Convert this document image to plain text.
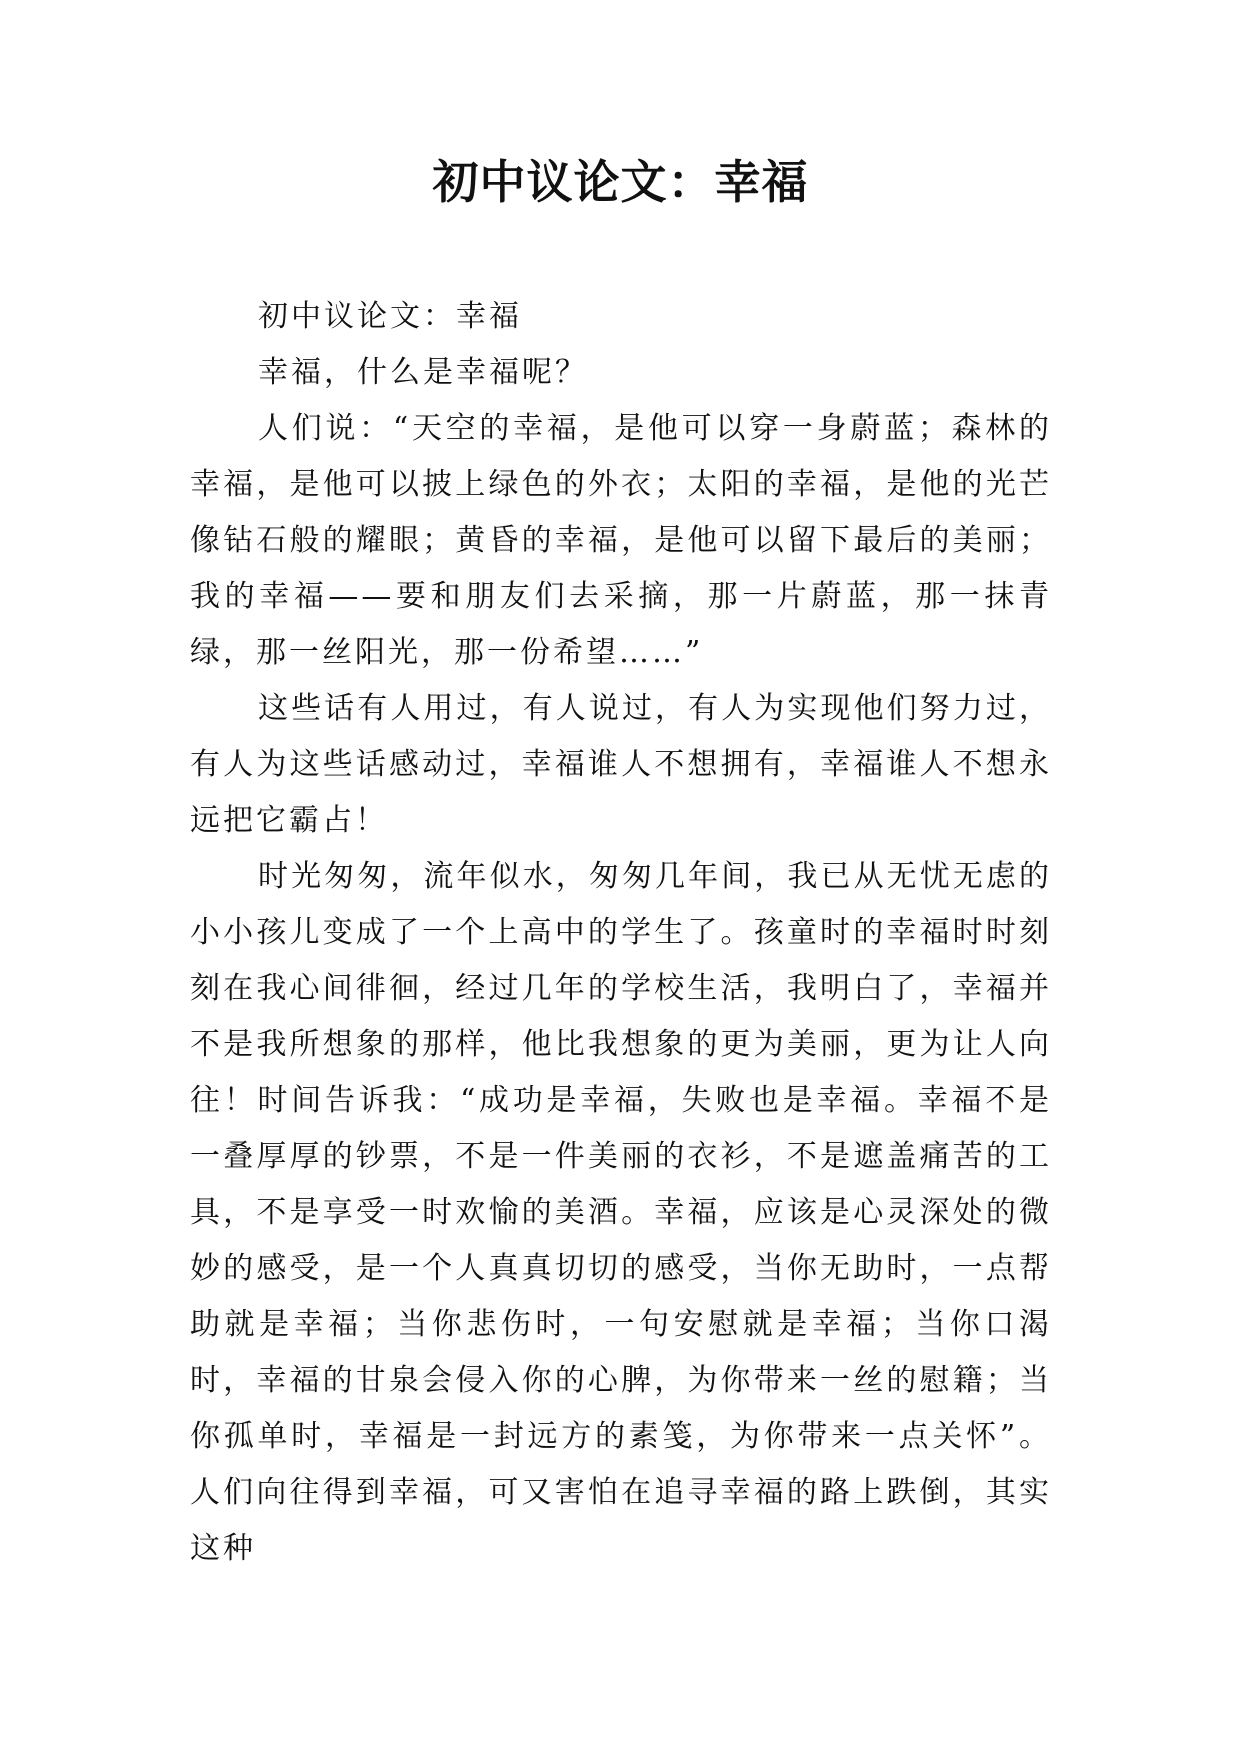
初中议论文：幸福

初中议论文：幸福

幸福，什么是幸福呢？

人们说：“天空的幸福，是他可以穿一身蔚蓝；森林的幸福，是他可以披上绿色的外衣；太阳的幸福，是他的光芒像钻石般的耀眼；黄昏的幸福，是他可以留下最后的美丽；我的幸福——要和朋友们去采摘，那一片蔚蓝，那一抹青绿，那一丝阳光，那一份希望……”

这些话有人用过，有人说过，有人为实现他们努力过，有人为这些话感动过，幸福谁人不想拥有，幸福谁人不想永远把它霸占！

时光匆匆，流年似水，匆匆几年间，我已从无忧无虑的小小孩儿变成了一个上高中的学生了。孩童时的幸福时时刻刻在我心间徘徊，经过几年的学校生活，我明白了，幸福并不是我所想象的那样，他比我想象的更为美丽，更为让人向往！时间告诉我：“成功是幸福，失败也是幸福。幸福不是一叠厚厚的钞票，不是一件美丽的衣衫，不是遮盖痛苦的工具，不是享受一时欢愉的美酒。幸福，应该是心灵深处的微妙的感受，是一个人真真切切的感受，当你无助时，一点帮助就是幸福；当你悲伤时，一句安慰就是幸福；当你口渴时，幸福的甘泉会侵入你的心脾，为你带来一丝的慰籍；当你孤单时，幸福是一封远方的素笺，为你带来一点关怀”。人们向往得到幸福，可又害怕在追寻幸福的路上跌倒，其实这种
